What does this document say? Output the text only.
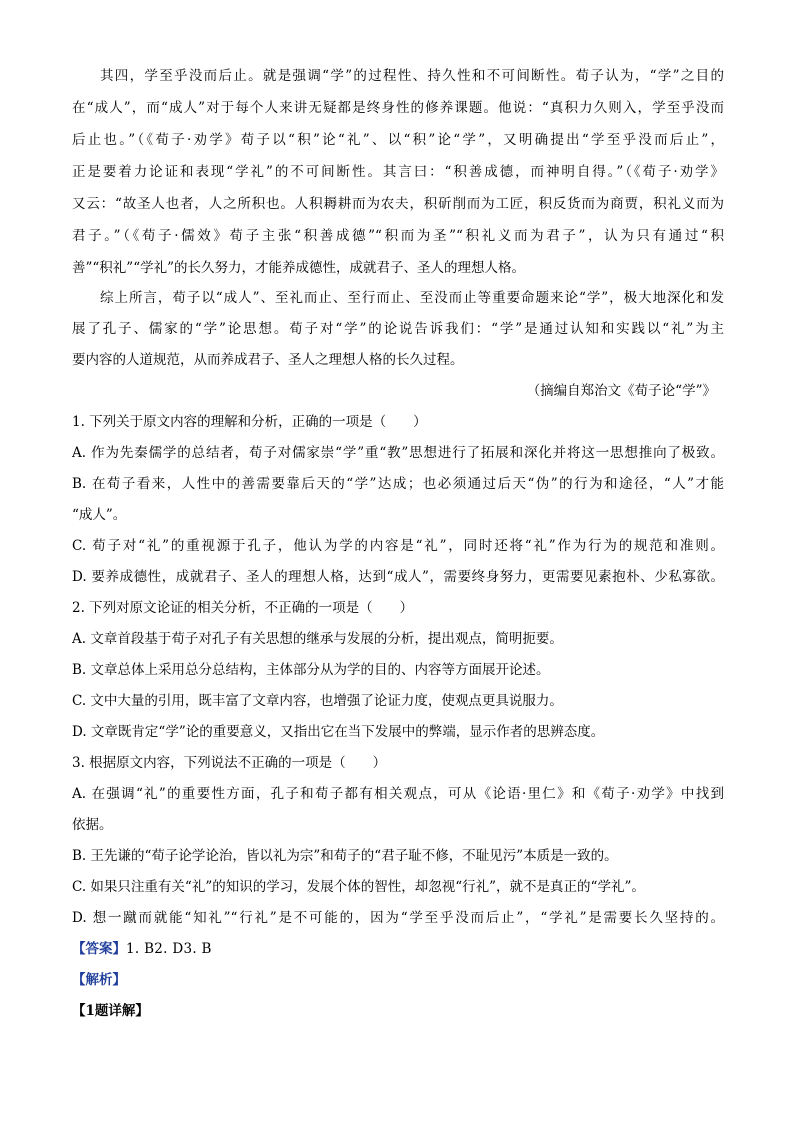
其四，学至乎没而后止。就是强调“学”的过程性、持久性和不可间断性。荀子认为，“学”之目的
在“成人”，而“成人”对于每个人来讲无疑都是终身性的修养课题。他说：“真积力久则入，学至乎没而
后止也。”（《荀子·劝学》荀子以“积”论“礼”、以“积”论“学”，又明确提出“学至乎没而后止”，
正是要着力论证和表现“学礼”的不可间断性。其言曰：“积善成德，而神明自得。”（《荀子·劝学》
又云：“故圣人也者，人之所积也。人积耨耕而为农夫，积斫削而为工匠，积反货而为商贾，积礼义而为
君子。”（《荀子·儒效》荀子主张“积善成德”“积而为圣”“积礼义而为君子”，认为只有通过“积
善”“积礼”“学礼”的长久努力，才能养成德性，成就君子、圣人的理想人格。
综上所言，荀子以“成人”、至礼而止、至行而止、至没而止等重要命题来论“学”，极大地深化和发
展了孔子、儒家的“学”论思想。荀子对“学”的论说告诉我们：“学”是通过认知和实践以“礼”为主
要内容的人道规范，从而养成君子、圣人之理想人格的长久过程。
（摘编自郑治文《荀子论“学”》
1. 下列关于原文内容的理解和分析，正确的一项是（　　）
A. 作为先秦儒学的总结者，荀子对儒家崇“学”重“教”思想进行了拓展和深化并将这一思想推向了极致。
B. 在荀子看来，人性中的善需要靠后天的“学”达成；也必须通过后天“伪”的行为和途径，“人”才能
“成人”。
C. 荀子对“礼”的重视源于孔子，他认为学的内容是“礼”，同时还将“礼”作为行为的规范和准则。
D. 要养成德性，成就君子、圣人的理想人格，达到“成人”，需要终身努力，更需要见素抱朴、少私寡欲。
2. 下列对原文论证的相关分析，不正确的一项是（　　）
A. 文章首段基于荀子对孔子有关思想的继承与发展的分析，提出观点，简明扼要。
B. 文章总体上采用总分总结构，主体部分从为学的目的、内容等方面展开论述。
C. 文中大量的引用，既丰富了文章内容，也增强了论证力度，使观点更具说服力。
D. 文章既肯定“学”论的重要意义，又指出它在当下发展中的弊端，显示作者的思辨态度。
3. 根据原文内容，下列说法不正确的一项是（　　）
A. 在强调“礼”的重要性方面，孔子和荀子都有相关观点，可从《论语·里仁》和《荀子·劝学》中找到
依据。
B. 王先谦的“荀子论学论治，皆以礼为宗”和荀子的“君子耻不修，不耻见污”本质是一致的。
C. 如果只注重有关“礼”的知识的学习，发展个体的智性，却忽视“行礼”，就不是真正的“学礼”。
D. 想一蹴而就能“知礼”“行礼”是不可能的，因为“学至乎没而后止”，“学礼”是需要长久坚持的。
【答案】1. B2. D3. B
【解析】
【1题详解】
